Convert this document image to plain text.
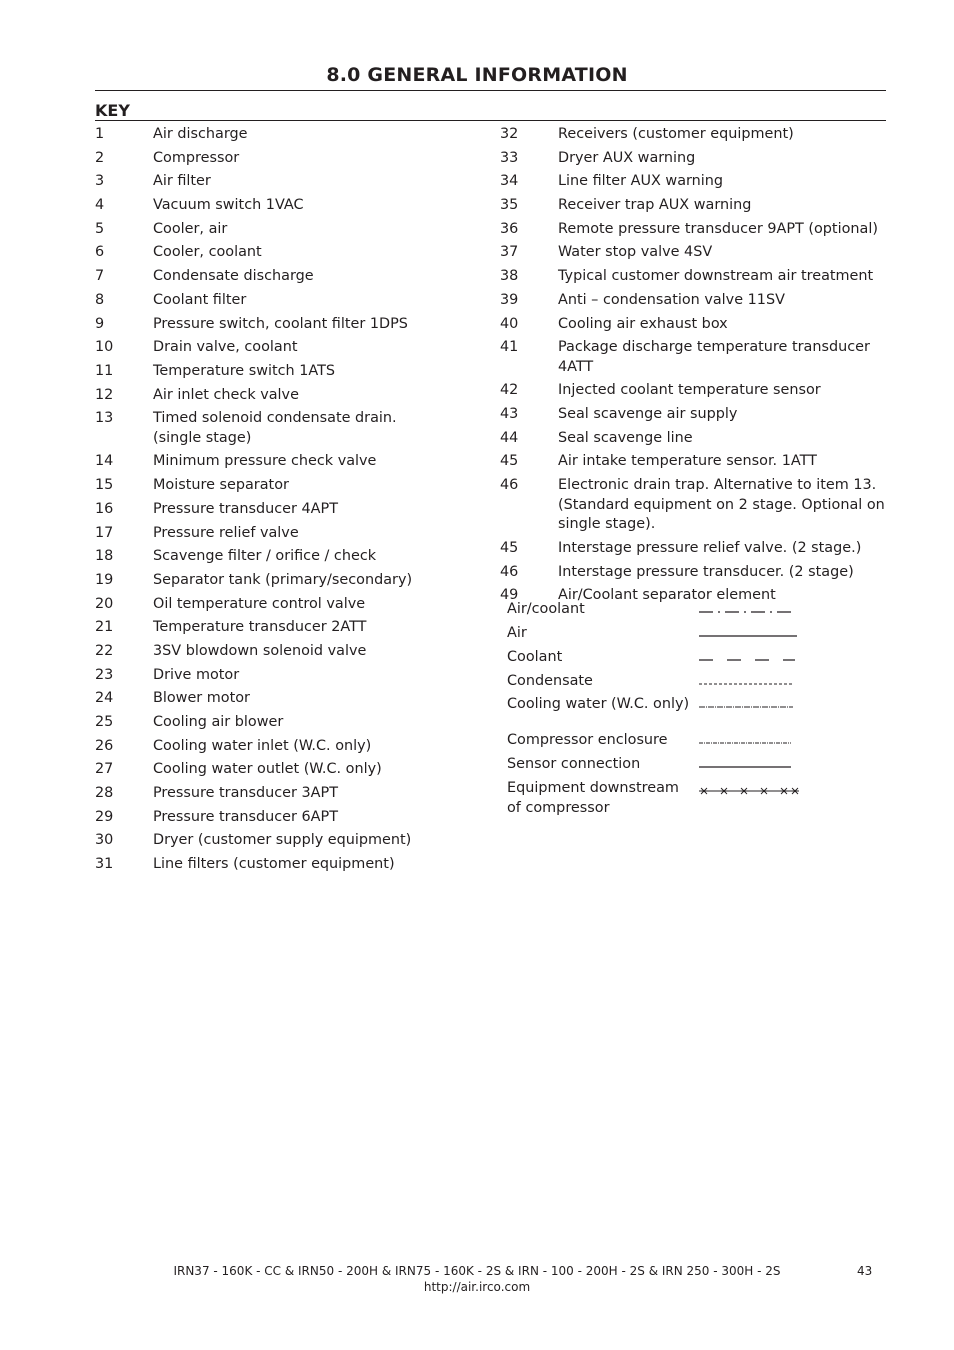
8.0 GENERAL INFORMATION
KEY
1	Air discharge
2	Compressor
3	Air filter
4	Vacuum switch 1VAC
5	Cooler, air
6	Cooler, coolant
7	Condensate discharge
8	Coolant filter
9	Pressure switch, coolant filter 1DPS
10	Drain valve, coolant
11	Temperature switch 1ATS
12	Air inlet check valve
13	Timed solenoid condensate drain. (single stage)
14	Minimum pressure check valve
15	Moisture separator
16	Pressure transducer 4APT
17	Pressure relief valve
18	Scavenge filter / orifice / check
19	Separator tank (primary/secondary)
20	Oil temperature control valve
21	Temperature transducer 2ATT
22	3SV blowdown solenoid valve
23	Drive motor
24	Blower motor
25	Cooling air blower
26	Cooling water inlet (W.C. only)
27	Cooling water outlet (W.C. only)
28	Pressure transducer 3APT
29	Pressure transducer 6APT
30	Dryer (customer supply equipment)
31	Line filters (customer equipment)
32	Receivers (customer equipment)
33	Dryer AUX warning
34	Line filter AUX warning
35	Receiver trap AUX warning
36	Remote pressure transducer 9APT (optional)
37	Water stop valve 4SV
38	Typical customer downstream air treatment
39	Anti – condensation valve 11SV
40	Cooling air exhaust box
41	Package discharge temperature transducer 4ATT
42	Injected coolant temperature sensor
43	Seal scavenge air supply
44	Seal scavenge line
45	Air intake temperature sensor. 1ATT
46	Electronic drain trap. Alternative to item 13. (Standard equipment on 2 stage. Optional on single stage).
45	Interstage pressure relief valve. (2 stage.)
46	Interstage pressure transducer. (2 stage)
49	Air/Coolant separator element
Air/coolant
Air
Coolant
Condensate
Cooling water (W.C. only)
Compressor enclosure
Sensor connection
Equipment downstream of compressor
IRN37 - 160K - CC & IRN50 - 200H & IRN75 - 160K - 2S & IRN - 100 - 200H - 2S & IRN 250 - 300H - 2S	43
http://air.irco.com
